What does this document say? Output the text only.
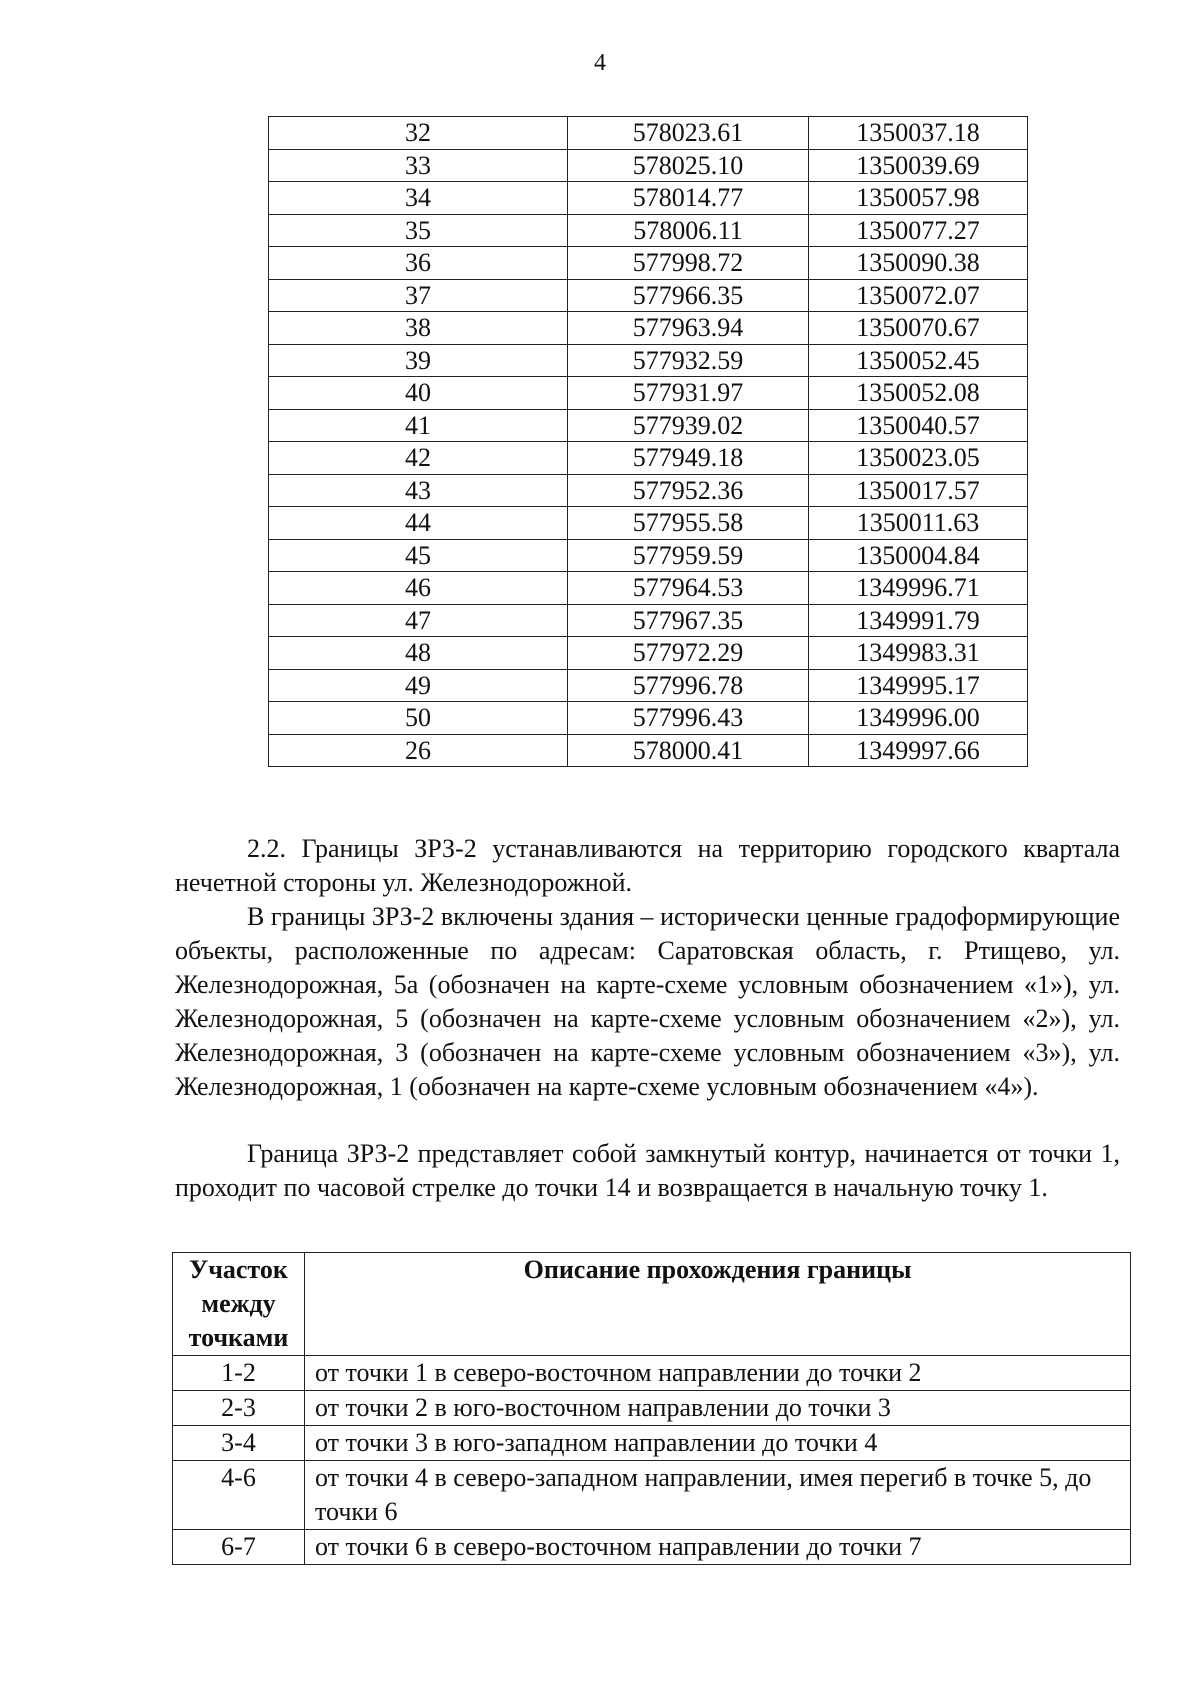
4
32	578023.61	1350037.18
33	578025.10	1350039.69
34	578014.77	1350057.98
35	578006.11	1350077.27
36	577998.72	1350090.38
37	577966.35	1350072.07
38	577963.94	1350070.67
39	577932.59	1350052.45
40	577931.97	1350052.08
41	577939.02	1350040.57
42	577949.18	1350023.05
43	577952.36	1350017.57
44	577955.58	1350011.63
45	577959.59	1350004.84
46	577964.53	1349996.71
47	577967.35	1349991.79
48	577972.29	1349983.31
49	577996.78	1349995.17
50	577996.43	1349996.00
26	578000.41	1349997.66

2.2. Границы ЗРЗ-2 устанавливаются на территорию городского квартала нечетной стороны ул. Железнодорожной.

В границы ЗРЗ-2 включены здания – исторически ценные градоформирующие объекты, расположенные по адресам: Саратовская область, г. Ртищево, ул. Железнодорожная, 5а (обозначен на карте-схеме условным обозначением «1»), ул. Железнодорожная, 5 (обозначен на карте-схеме условным обозначением «2»), ул. Железнодорожная, 3 (обозначен на карте-схеме условным обозначением «3»), ул. Железнодорожная, 1 (обозначен на карте-схеме условным обозначением «4»).

Граница ЗРЗ-2 представляет собой замкнутый контур, начинается от точки 1, проходит по часовой стрелке до точки 14 и возвращается в начальную точку 1.

Участок между точками	Описание прохождения границы
1-2	от точки 1 в северо-восточном направлении до точки 2
2-3	от точки 2 в юго-восточном направлении до точки 3
3-4	от точки 3 в юго-западном направлении до точки 4
4-6	от точки 4 в северо-западном направлении, имея перегиб в точке 5, до точки 6
6-7	от точки 6 в северо-восточном направлении до точки 7
